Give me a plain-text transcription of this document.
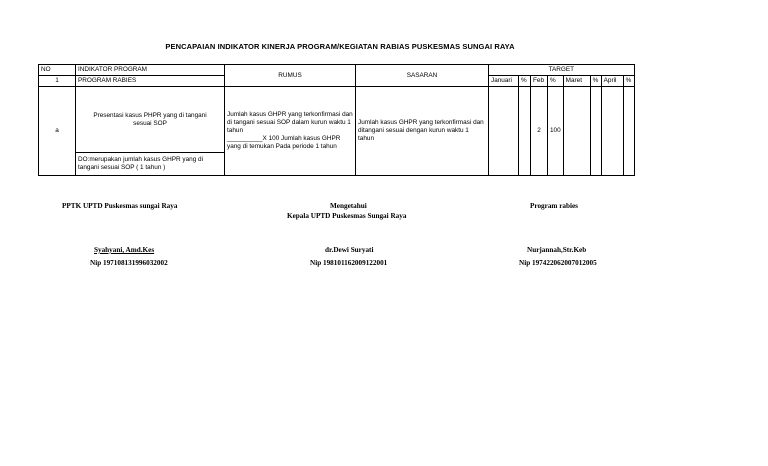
PENCAPAIAN INDIKATOR KINERJA PROGRAM/KEGIATAN RABIAS PUSKESMAS SUNGAI RAYA
NO	INDIKATOR PROGRAM	RUMUS	SASARAN	TARGET							
1	PROGRAM RABIES			Januari	%	Feb	%	Maret	%	April	%
a	Presentasi kasus PHPR yang di tangani sesuai SOP	Jumlah kasus GHPR yang terkonfirmasi dan di tangani sesuai SOP dalam kurun waktu 1 tahun
__________X 100 Jumlah kasus GHPR yang di temukan Pada periode 1 tahun	Jumlah kasus GHPR yang terkonfirmasi dan ditangani sesuai dengan kurun waktu 1 tahun			2	100				
	DO:merupakan jumlah kasus GHPR yang di tangani sesuai SOP ( 1 tahun )										
PPTK UPTD Puskesmas sungai Raya	Mengetahui
Kepala UPTD Puskesmas Sungai Raya
Program rabies
Syahyani, Amd.Kes
Nip 197108131996032002
dr.Dewi Suryati
Nip 198101162009122001
Nurjannah,Str.Keb
Nip 197422062007012005
